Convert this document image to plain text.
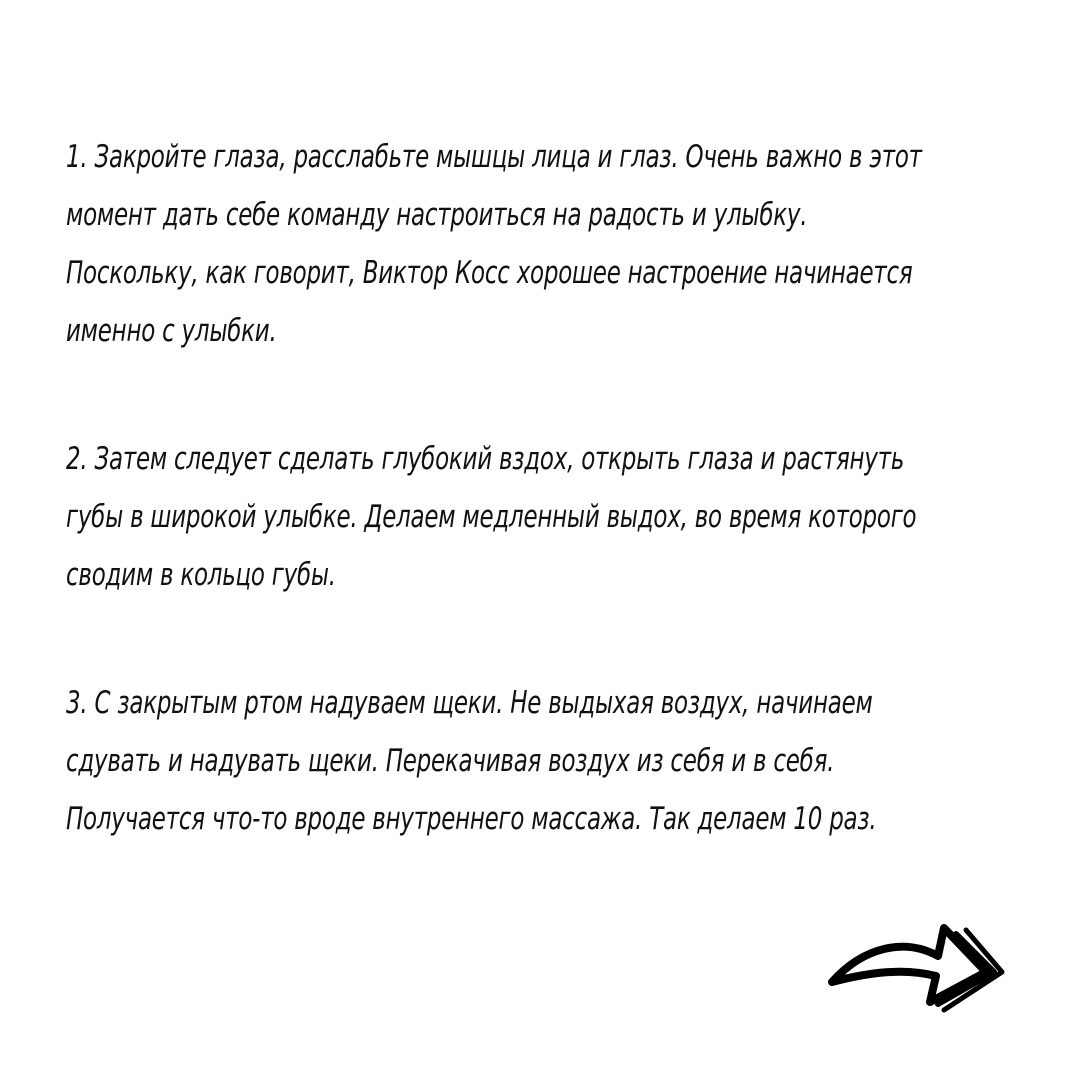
1. Закройте глаза, расслабьте мышцы лица и глаз. Очень важно в этот
момент дать себе команду настроиться на радость и улыбку.
Поскольку, как говорит, Виктор Косс хорошее настроение начинается
именно с улыбки.
2. Затем следует сделать глубокий вздох, открыть глаза и растянуть
губы в широкой улыбке. Делаем медленный выдох, во время которого
сводим в кольцо губы.
3. С закрытым ртом надуваем щеки. Не выдыхая воздух, начинаем
сдувать и надувать щеки. Перекачивая воздух из себя и в себя.
Получается что-то вроде внутреннего массажа. Так делаем 10 раз.
